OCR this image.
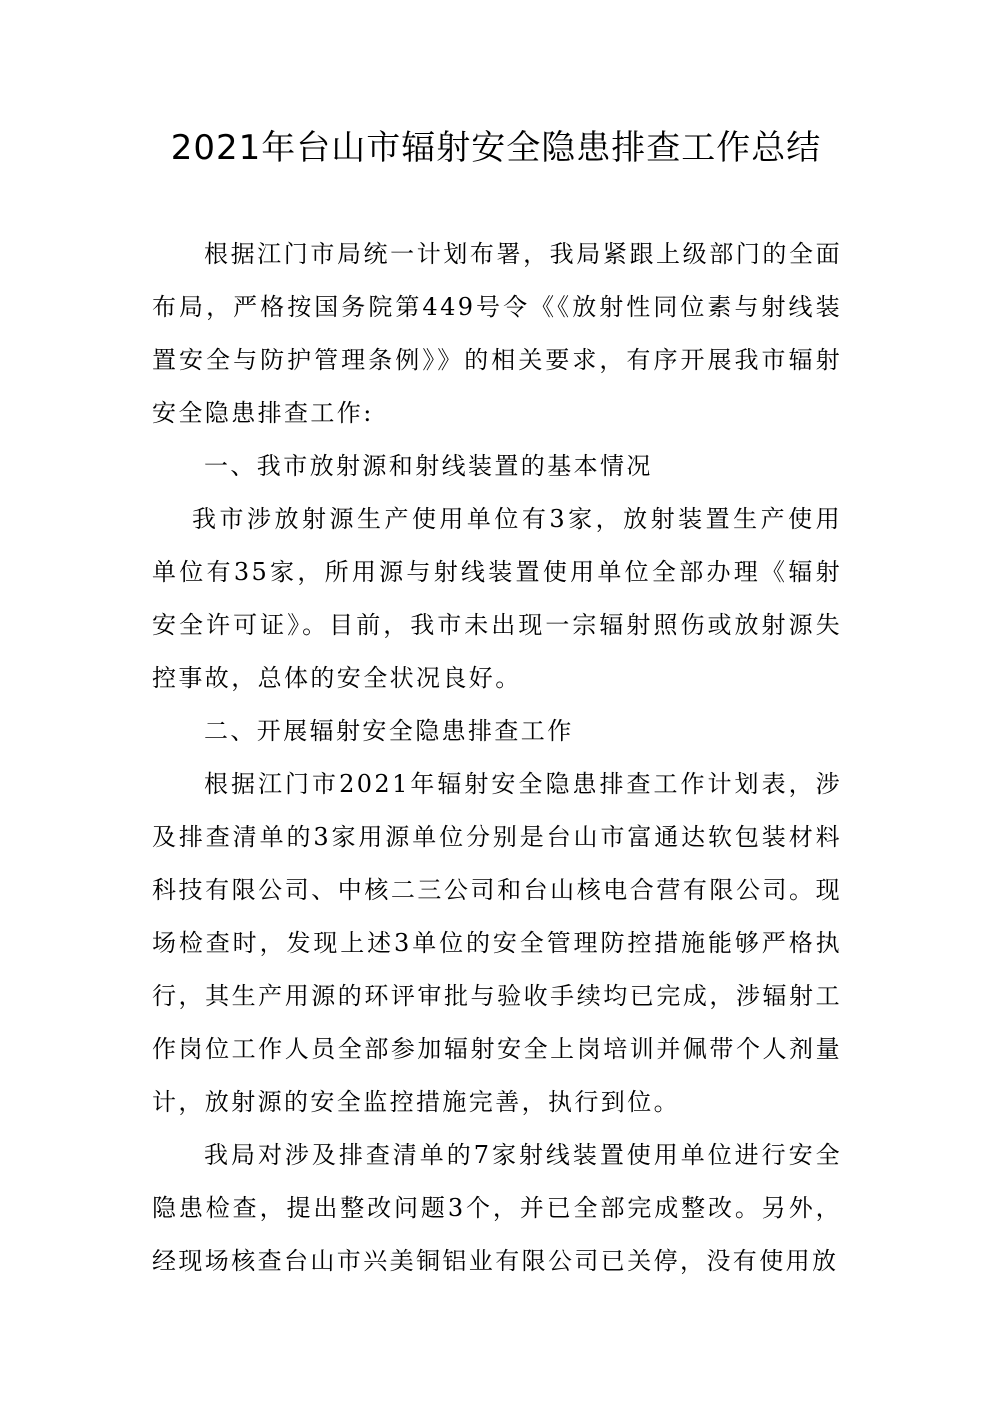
2021年台山市辐射安全隐患排查工作总结

根据江门市局统一计划布署，我局紧跟上级部门的全面布局，严格按国务院第449号令《《放射性同位素与射线装置安全与防护管理条例》》的相关要求，有序开展我市辐射安全隐患排查工作:

一、我市放射源和射线装置的基本情况

我市涉放射源生产使用单位有3家，放射装置生产使用单位有35家，所用源与射线装置使用单位全部办理《辐射安全许可证》。目前，我市未出现一宗辐射照伤或放射源失控事故，总体的安全状况良好。

二、开展辐射安全隐患排查工作

根据江门市2021年辐射安全隐患排查工作计划表，涉及排查清单的3家用源单位分别是台山市富通达软包装材料科技有限公司、中核二三公司和台山核电合营有限公司。现场检查时，发现上述3单位的安全管理防控措施能够严格执行，其生产用源的环评审批与验收手续均已完成，涉辐射工作岗位工作人员全部参加辐射安全上岗培训并佩带个人剂量计，放射源的安全监控措施完善，执行到位。

我局对涉及排查清单的7家射线装置使用单位进行安全隐患检查，提出整改问题3个，并已全部完成整改。另外，经现场核查台山市兴美铜铝业有限公司已关停，没有使用放
